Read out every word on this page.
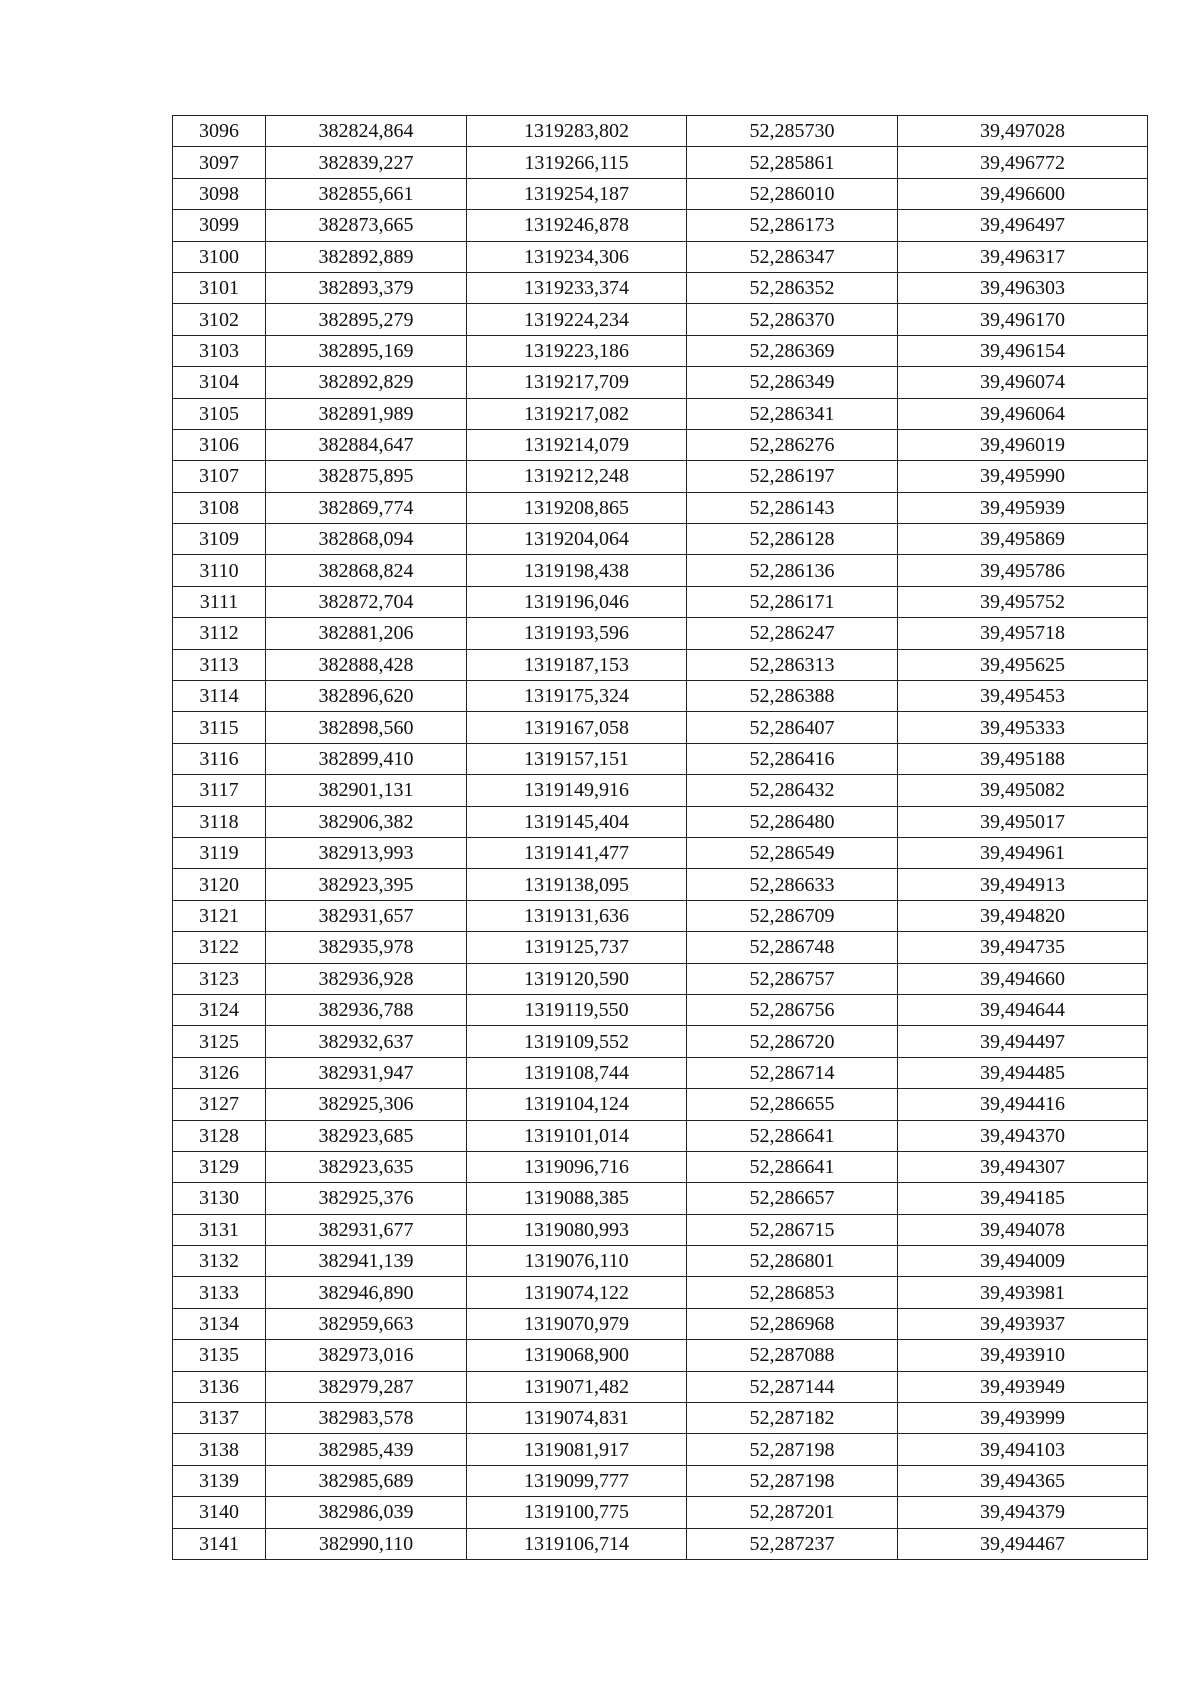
3096	382824,864	1319283,802	52,285730	39,497028
3097	382839,227	1319266,115	52,285861	39,496772
3098	382855,661	1319254,187	52,286010	39,496600
3099	382873,665	1319246,878	52,286173	39,496497
3100	382892,889	1319234,306	52,286347	39,496317
3101	382893,379	1319233,374	52,286352	39,496303
3102	382895,279	1319224,234	52,286370	39,496170
3103	382895,169	1319223,186	52,286369	39,496154
3104	382892,829	1319217,709	52,286349	39,496074
3105	382891,989	1319217,082	52,286341	39,496064
3106	382884,647	1319214,079	52,286276	39,496019
3107	382875,895	1319212,248	52,286197	39,495990
3108	382869,774	1319208,865	52,286143	39,495939
3109	382868,094	1319204,064	52,286128	39,495869
3110	382868,824	1319198,438	52,286136	39,495786
3111	382872,704	1319196,046	52,286171	39,495752
3112	382881,206	1319193,596	52,286247	39,495718
3113	382888,428	1319187,153	52,286313	39,495625
3114	382896,620	1319175,324	52,286388	39,495453
3115	382898,560	1319167,058	52,286407	39,495333
3116	382899,410	1319157,151	52,286416	39,495188
3117	382901,131	1319149,916	52,286432	39,495082
3118	382906,382	1319145,404	52,286480	39,495017
3119	382913,993	1319141,477	52,286549	39,494961
3120	382923,395	1319138,095	52,286633	39,494913
3121	382931,657	1319131,636	52,286709	39,494820
3122	382935,978	1319125,737	52,286748	39,494735
3123	382936,928	1319120,590	52,286757	39,494660
3124	382936,788	1319119,550	52,286756	39,494644
3125	382932,637	1319109,552	52,286720	39,494497
3126	382931,947	1319108,744	52,286714	39,494485
3127	382925,306	1319104,124	52,286655	39,494416
3128	382923,685	1319101,014	52,286641	39,494370
3129	382923,635	1319096,716	52,286641	39,494307
3130	382925,376	1319088,385	52,286657	39,494185
3131	382931,677	1319080,993	52,286715	39,494078
3132	382941,139	1319076,110	52,286801	39,494009
3133	382946,890	1319074,122	52,286853	39,493981
3134	382959,663	1319070,979	52,286968	39,493937
3135	382973,016	1319068,900	52,287088	39,493910
3136	382979,287	1319071,482	52,287144	39,493949
3137	382983,578	1319074,831	52,287182	39,493999
3138	382985,439	1319081,917	52,287198	39,494103
3139	382985,689	1319099,777	52,287198	39,494365
3140	382986,039	1319100,775	52,287201	39,494379
3141	382990,110	1319106,714	52,287237	39,494467
